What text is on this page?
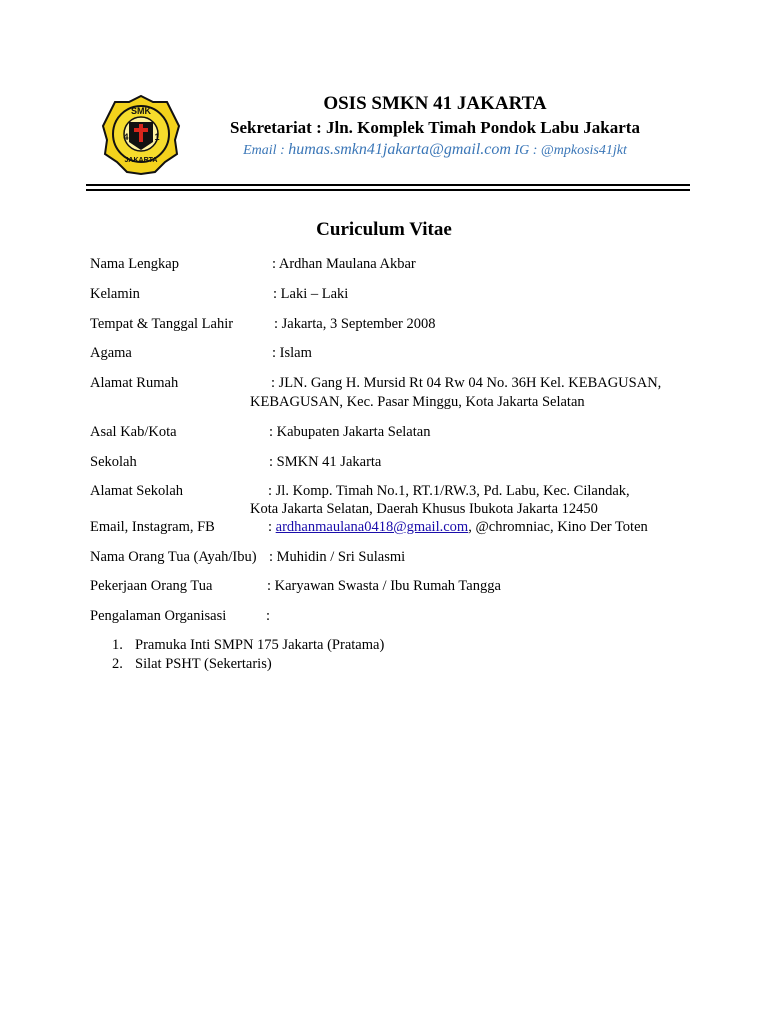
SMK
4	1
JAKARTA
OSIS SMKN 41 JAKARTA
Sekretariat : Jln. Komplek Timah Pondok Labu Jakarta
Email : humas.smkn41jakarta@gmail.com IG : @mpkosis41jkt
Curiculum Vitae
Nama Lengkap	: Ardhan Maulana Akbar
Kelamin	: Laki – Laki
Tempat & Tanggal Lahir	: Jakarta, 3 September 2008
Agama	: Islam
Alamat Rumah	: JLN. Gang H. Mursid Rt 04 Rw 04 No. 36H Kel. KEBAGUSAN,
KEBAGUSAN, Kec. Pasar Minggu, Kota Jakarta Selatan
Asal Kab/Kota	: Kabupaten Jakarta Selatan
Sekolah	: SMKN 41 Jakarta
Alamat Sekolah	: Jl. Komp. Timah No.1, RT.1/RW.3, Pd. Labu, Kec. Cilandak,
Kota Jakarta Selatan, Daerah Khusus Ibukota Jakarta 12450
Email, Instagram, FB	: ardhanmaulana0418@gmail.com, @chromniac, Kino Der Toten
Nama Orang Tua (Ayah/Ibu) : Muhidin / Sri Sulasmi
Pekerjaan Orang Tua	: Karyawan Swasta / Ibu Rumah Tangga
Pengalaman Organisasi	:
1. Pramuka Inti SMPN 175 Jakarta (Pratama)
2. Silat PSHT (Sekertaris)
